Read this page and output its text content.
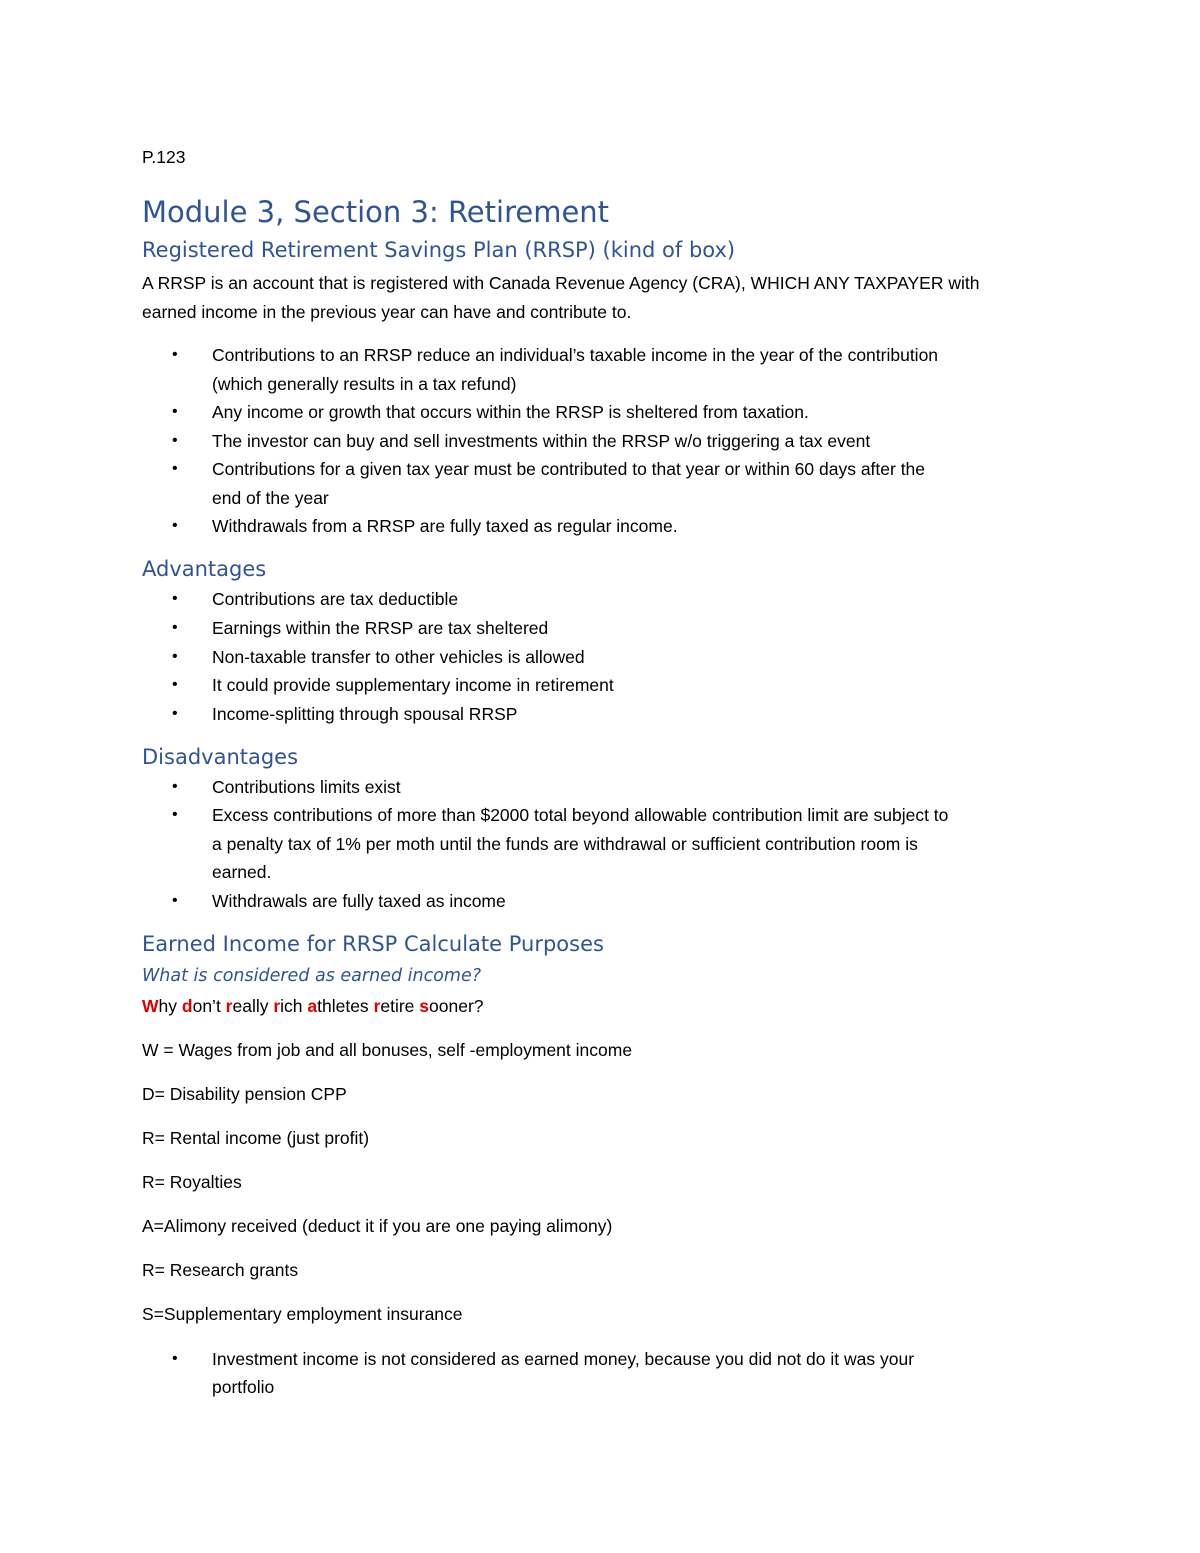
P.123
Module 3, Section 3: Retirement
Registered Retirement Savings Plan (RRSP) (kind of box)
A RRSP is an account that is registered with Canada Revenue Agency (CRA), WHICH ANY TAXPAYER with
earned income in the previous year can have and contribute to.
• Contributions to an RRSP reduce an individual’s taxable income in the year of the contribution
(which generally results in a tax refund)
• Any income or growth that occurs within the RRSP is sheltered from taxation.
• The investor can buy and sell investments within the RRSP w/o triggering a tax event
• Contributions for a given tax year must be contributed to that year or within 60 days after the
end of the year
• Withdrawals from a RRSP are fully taxed as regular income.
Advantages
• Contributions are tax deductible
• Earnings within the RRSP are tax sheltered
• Non-taxable transfer to other vehicles is allowed
• It could provide supplementary income in retirement
• Income-splitting through spousal RRSP
Disadvantages
• Contributions limits exist
• Excess contributions of more than $2000 total beyond allowable contribution limit are subject to
a penalty tax of 1% per moth until the funds are withdrawal or sufficient contribution room is
earned.
• Withdrawals are fully taxed as income
Earned Income for RRSP Calculate Purposes
What is considered as earned income?
Why don’t really rich athletes retire sooner?
W = Wages from job and all bonuses, self -employment income
D= Disability pension CPP
R= Rental income (just profit)
R= Royalties
A=Alimony received (deduct it if you are one paying alimony)
R= Research grants
S=Supplementary employment insurance
• Investment income is not considered as earned money, because you did not do it was your
portfolio
